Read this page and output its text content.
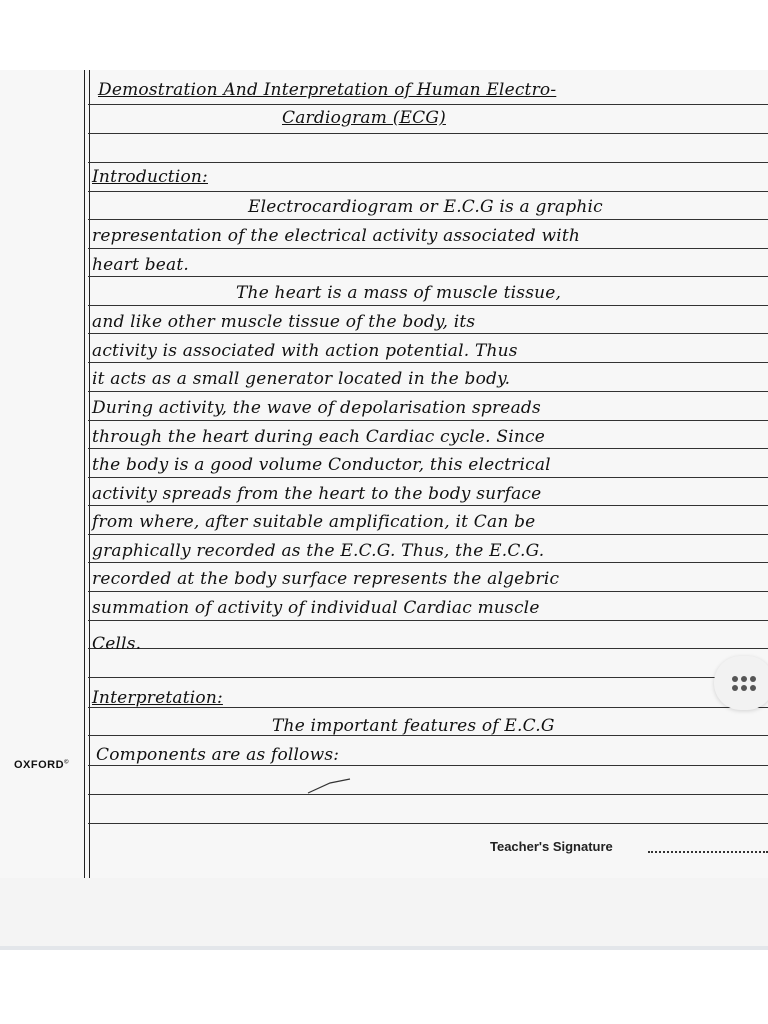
Demostration And Interpretation of Human Electro-
Cardiogram (ECG)
Introduction:
Electrocardiogram or E.C.G is a graphic
representation of the electrical activity associated with
heart beat.
The heart is a mass of muscle tissue,
and like other muscle tissue of the body, its
activity is associated with action potential. Thus
it acts as a small generator located in the body.
During activity, the wave of depolarisation spreads
through the heart during each Cardiac cycle. Since
the body is a good volume Conductor, this electrical
activity spreads from the heart to the body surface
from where, after suitable amplification, it Can be
graphically recorded as the E.C.G. Thus, the E.C.G.
recorded at the body surface represents the algebric
summation of activity of individual Cardiac muscle
Cells.
Interpretation:
The important features of E.C.G
Components are as follows:
OXFORD©
Teacher's Signature
